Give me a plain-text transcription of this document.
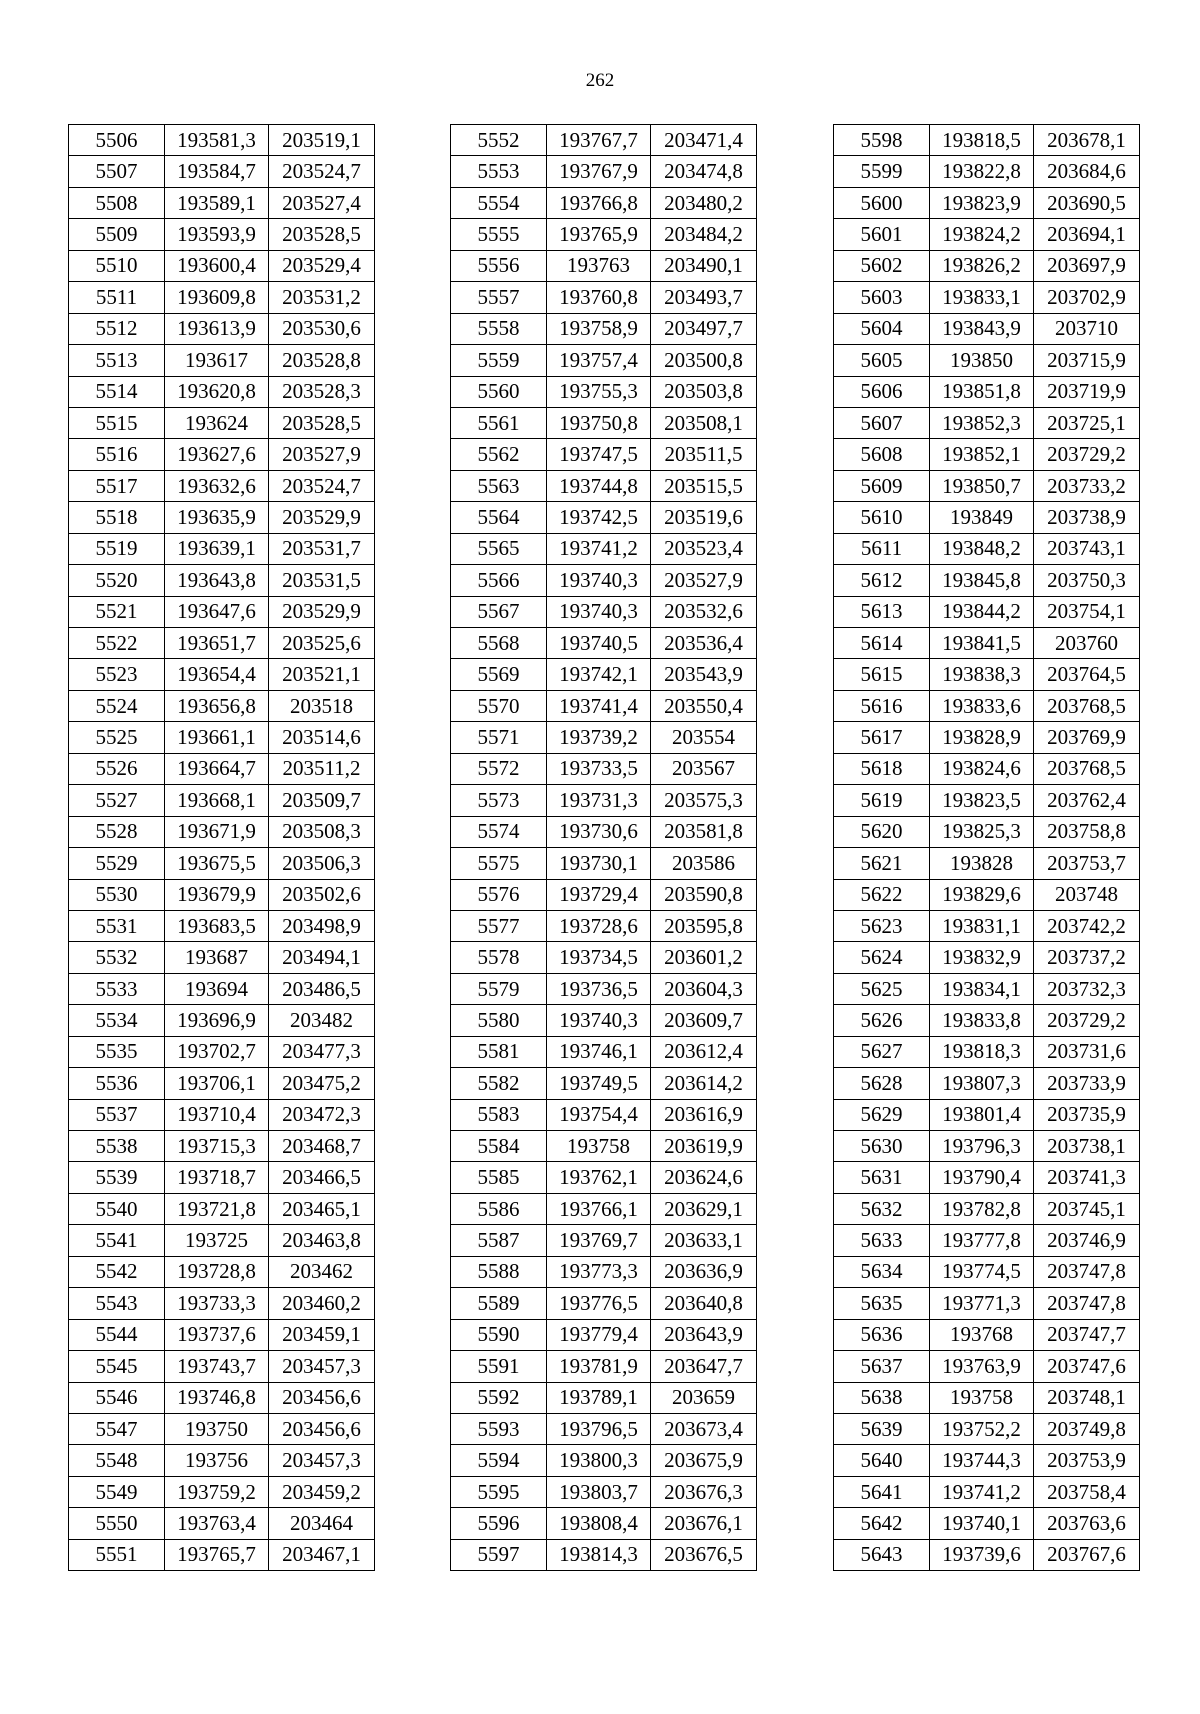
262
5506	193581,3	203519,1
5507	193584,7	203524,7
5508	193589,1	203527,4
5509	193593,9	203528,5
5510	193600,4	203529,4
5511	193609,8	203531,2
5512	193613,9	203530,6
5513	193617	203528,8
5514	193620,8	203528,3
5515	193624	203528,5
5516	193627,6	203527,9
5517	193632,6	203524,7
5518	193635,9	203529,9
5519	193639,1	203531,7
5520	193643,8	203531,5
5521	193647,6	203529,9
5522	193651,7	203525,6
5523	193654,4	203521,1
5524	193656,8	203518
5525	193661,1	203514,6
5526	193664,7	203511,2
5527	193668,1	203509,7
5528	193671,9	203508,3
5529	193675,5	203506,3
5530	193679,9	203502,6
5531	193683,5	203498,9
5532	193687	203494,1
5533	193694	203486,5
5534	193696,9	203482
5535	193702,7	203477,3
5536	193706,1	203475,2
5537	193710,4	203472,3
5538	193715,3	203468,7
5539	193718,7	203466,5
5540	193721,8	203465,1
5541	193725	203463,8
5542	193728,8	203462
5543	193733,3	203460,2
5544	193737,6	203459,1
5545	193743,7	203457,3
5546	193746,8	203456,6
5547	193750	203456,6
5548	193756	203457,3
5549	193759,2	203459,2
5550	193763,4	203464
5551	193765,7	203467,1
5552	193767,7	203471,4
5553	193767,9	203474,8
5554	193766,8	203480,2
5555	193765,9	203484,2
5556	193763	203490,1
5557	193760,8	203493,7
5558	193758,9	203497,7
5559	193757,4	203500,8
5560	193755,3	203503,8
5561	193750,8	203508,1
5562	193747,5	203511,5
5563	193744,8	203515,5
5564	193742,5	203519,6
5565	193741,2	203523,4
5566	193740,3	203527,9
5567	193740,3	203532,6
5568	193740,5	203536,4
5569	193742,1	203543,9
5570	193741,4	203550,4
5571	193739,2	203554
5572	193733,5	203567
5573	193731,3	203575,3
5574	193730,6	203581,8
5575	193730,1	203586
5576	193729,4	203590,8
5577	193728,6	203595,8
5578	193734,5	203601,2
5579	193736,5	203604,3
5580	193740,3	203609,7
5581	193746,1	203612,4
5582	193749,5	203614,2
5583	193754,4	203616,9
5584	193758	203619,9
5585	193762,1	203624,6
5586	193766,1	203629,1
5587	193769,7	203633,1
5588	193773,3	203636,9
5589	193776,5	203640,8
5590	193779,4	203643,9
5591	193781,9	203647,7
5592	193789,1	203659
5593	193796,5	203673,4
5594	193800,3	203675,9
5595	193803,7	203676,3
5596	193808,4	203676,1
5597	193814,3	203676,5
5598	193818,5	203678,1
5599	193822,8	203684,6
5600	193823,9	203690,5
5601	193824,2	203694,1
5602	193826,2	203697,9
5603	193833,1	203702,9
5604	193843,9	203710
5605	193850	203715,9
5606	193851,8	203719,9
5607	193852,3	203725,1
5608	193852,1	203729,2
5609	193850,7	203733,2
5610	193849	203738,9
5611	193848,2	203743,1
5612	193845,8	203750,3
5613	193844,2	203754,1
5614	193841,5	203760
5615	193838,3	203764,5
5616	193833,6	203768,5
5617	193828,9	203769,9
5618	193824,6	203768,5
5619	193823,5	203762,4
5620	193825,3	203758,8
5621	193828	203753,7
5622	193829,6	203748
5623	193831,1	203742,2
5624	193832,9	203737,2
5625	193834,1	203732,3
5626	193833,8	203729,2
5627	193818,3	203731,6
5628	193807,3	203733,9
5629	193801,4	203735,9
5630	193796,3	203738,1
5631	193790,4	203741,3
5632	193782,8	203745,1
5633	193777,8	203746,9
5634	193774,5	203747,8
5635	193771,3	203747,8
5636	193768	203747,7
5637	193763,9	203747,6
5638	193758	203748,1
5639	193752,2	203749,8
5640	193744,3	203753,9
5641	193741,2	203758,4
5642	193740,1	203763,6
5643	193739,6	203767,6
